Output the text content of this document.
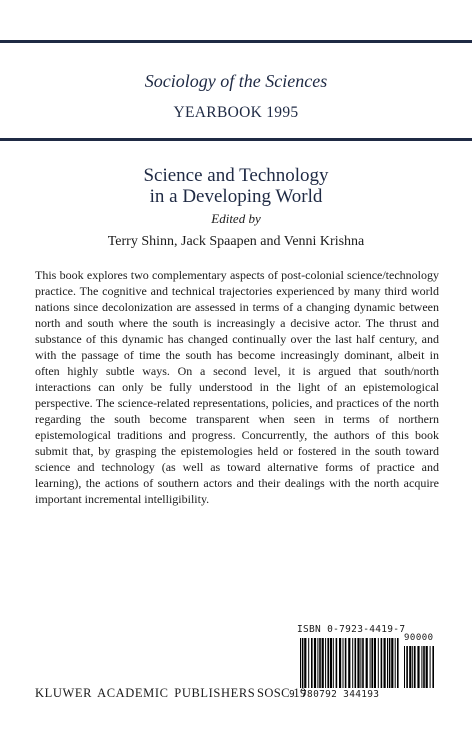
Sociology of the Sciences
YEARBOOK 1995
Science and Technology
in a Developing World
Edited by
Terry Shinn, Jack Spaapen and Venni Krishna
This book explores two complementary aspects of post-colonial science/technology practice. The cognitive and technical trajectories experienced by many third world nations since decolonization are assessed in terms of a changing dynamic between north and south where the south is increasingly a decisive actor. The thrust and substance of this dynamic has changed continually over the last half century, and with the passage of time the south has become increasingly dominant, albeit in often highly subtle ways. On a second level, it is argued that south/north interactions can only be fully understood in the light of an epistemological perspective. The science-related representations, policies, and practices of the north regarding the south become transparent when seen in terms of northern epistemological traditions and progress. Concurrently, the authors of this book submit that, by grasping the epistemologies held or fostered in the south toward science and technology (as well as toward alternative forms of practice and learning), the actions of southern actors and their dealings with the north acquire important incremental intelligibility.
ISBN 0-7923-4419-7
90000
9 780792 344193
KLUWER ACADEMIC PUBLISHERS SOSC 19
